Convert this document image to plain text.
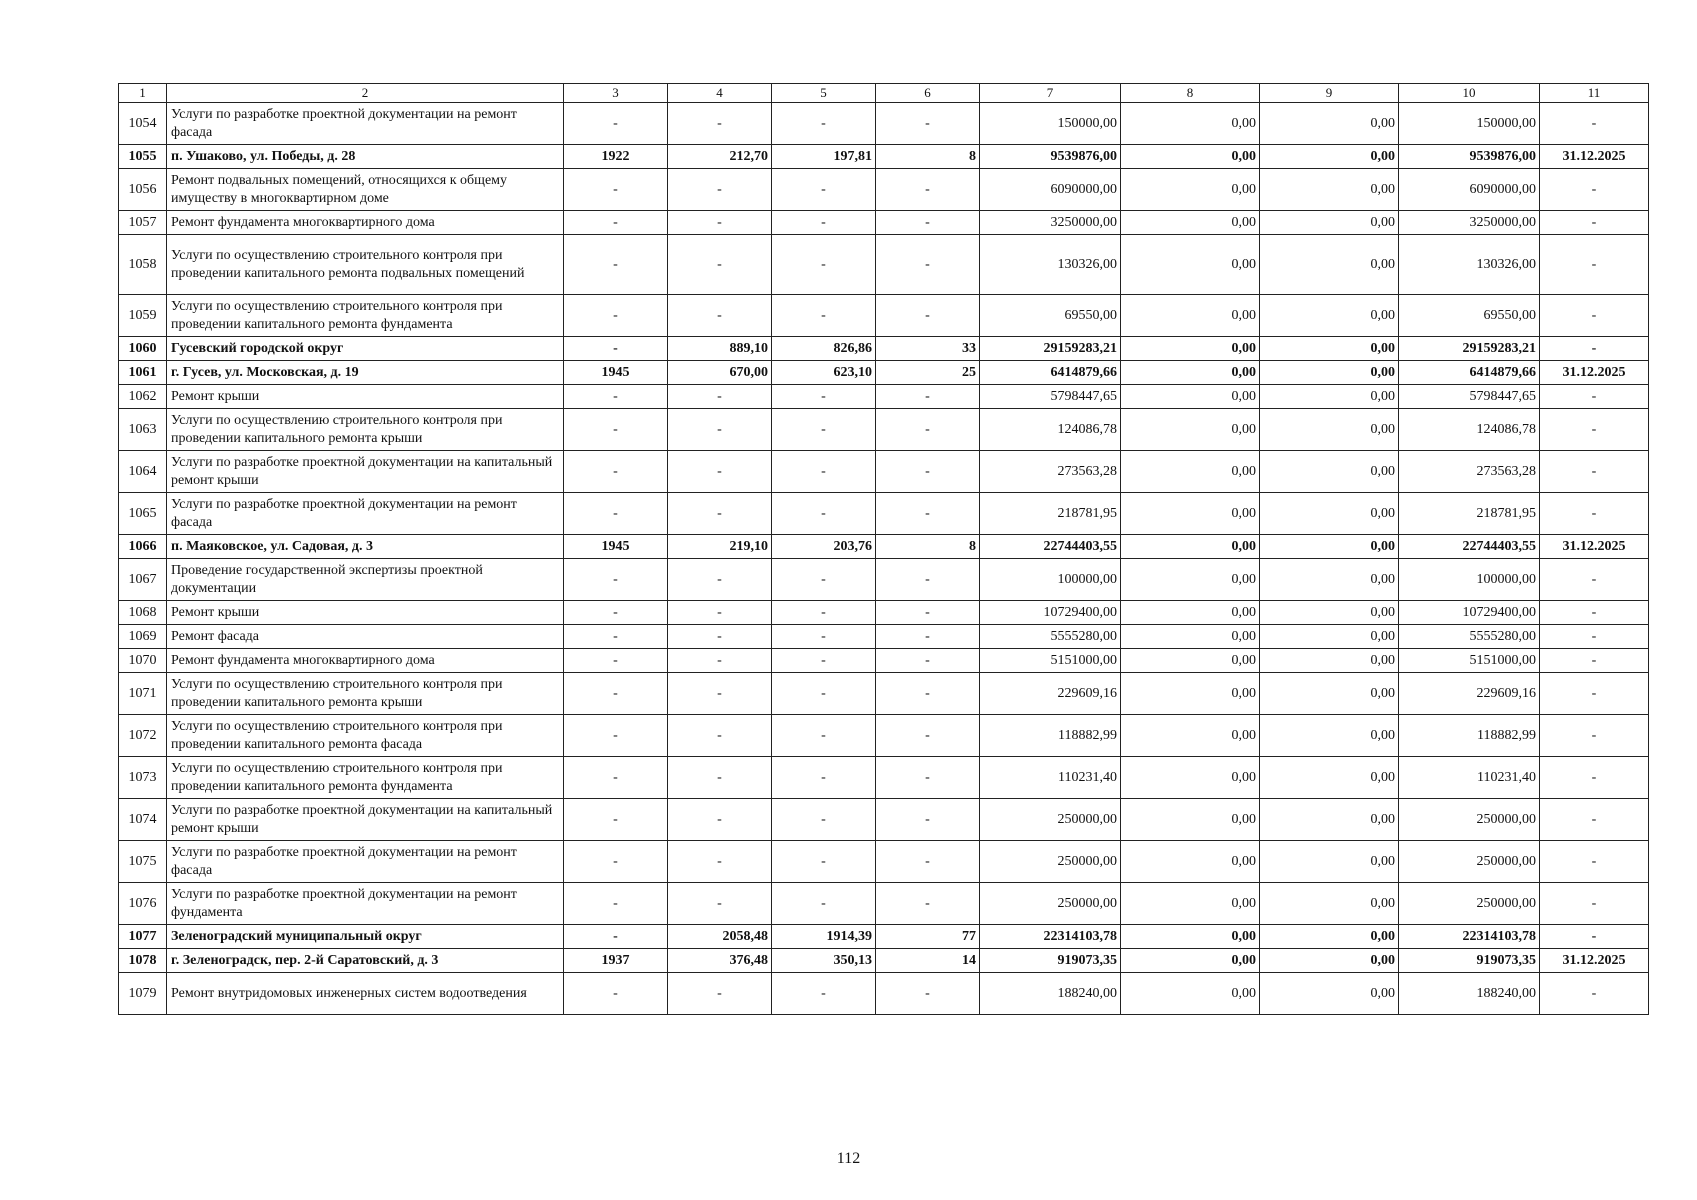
1	2	3	4	5	6	7	8	9	10	11
1054	Услуги по разработке проектной документации на ремонт фасада	-	-	-	-	150000,00	0,00	0,00	150000,00	-
1055	п. Ушаково, ул. Победы, д. 28	1922	212,70	197,81	8	9539876,00	0,00	0,00	9539876,00	31.12.2025
1056	Ремонт подвальных помещений, относящихся к общему имуществу в многоквартирном доме	-	-	-	-	6090000,00	0,00	0,00	6090000,00	-
1057	Ремонт фундамента многоквартирного дома	-	-	-	-	3250000,00	0,00	0,00	3250000,00	-
1058	Услуги по осуществлению строительного контроля при проведении капитального ремонта подвальных помещений	-	-	-	-	130326,00	0,00	0,00	130326,00	-
1059	Услуги по осуществлению строительного контроля при проведении капитального ремонта фундамента	-	-	-	-	69550,00	0,00	0,00	69550,00	-
1060	Гусевский городской округ	-	889,10	826,86	33	29159283,21	0,00	0,00	29159283,21	-
1061	г. Гусев, ул. Московская, д. 19	1945	670,00	623,10	25	6414879,66	0,00	0,00	6414879,66	31.12.2025
1062	Ремонт крыши	-	-	-	-	5798447,65	0,00	0,00	5798447,65	-
1063	Услуги по осуществлению строительного контроля при проведении капитального ремонта крыши	-	-	-	-	124086,78	0,00	0,00	124086,78	-
1064	Услуги по разработке проектной документации на капитальный ремонт крыши	-	-	-	-	273563,28	0,00	0,00	273563,28	-
1065	Услуги по разработке проектной документации на ремонт фасада	-	-	-	-	218781,95	0,00	0,00	218781,95	-
1066	п. Маяковское, ул. Садовая, д. 3	1945	219,10	203,76	8	22744403,55	0,00	0,00	22744403,55	31.12.2025
1067	Проведение государственной экспертизы проектной документации	-	-	-	-	100000,00	0,00	0,00	100000,00	-
1068	Ремонт крыши	-	-	-	-	10729400,00	0,00	0,00	10729400,00	-
1069	Ремонт фасада	-	-	-	-	5555280,00	0,00	0,00	5555280,00	-
1070	Ремонт фундамента многоквартирного дома	-	-	-	-	5151000,00	0,00	0,00	5151000,00	-
1071	Услуги по осуществлению строительного контроля при проведении капитального ремонта крыши	-	-	-	-	229609,16	0,00	0,00	229609,16	-
1072	Услуги по осуществлению строительного контроля при проведении капитального ремонта фасада	-	-	-	-	118882,99	0,00	0,00	118882,99	-
1073	Услуги по осуществлению строительного контроля при проведении капитального ремонта фундамента	-	-	-	-	110231,40	0,00	0,00	110231,40	-
1074	Услуги по разработке проектной документации на капитальный ремонт крыши	-	-	-	-	250000,00	0,00	0,00	250000,00	-
1075	Услуги по разработке проектной документации на ремонт фасада	-	-	-	-	250000,00	0,00	0,00	250000,00	-
1076	Услуги по разработке проектной документации на ремонт фундамента	-	-	-	-	250000,00	0,00	0,00	250000,00	-
1077	Зеленоградский муниципальный округ	-	2058,48	1914,39	77	22314103,78	0,00	0,00	22314103,78	-
1078	г. Зеленоградск, пер. 2-й Саратовский, д. 3	1937	376,48	350,13	14	919073,35	0,00	0,00	919073,35	31.12.2025
1079	Ремонт внутридомовых инженерных систем водоотведения	-	-	-	-	188240,00	0,00	0,00	188240,00	-
112
